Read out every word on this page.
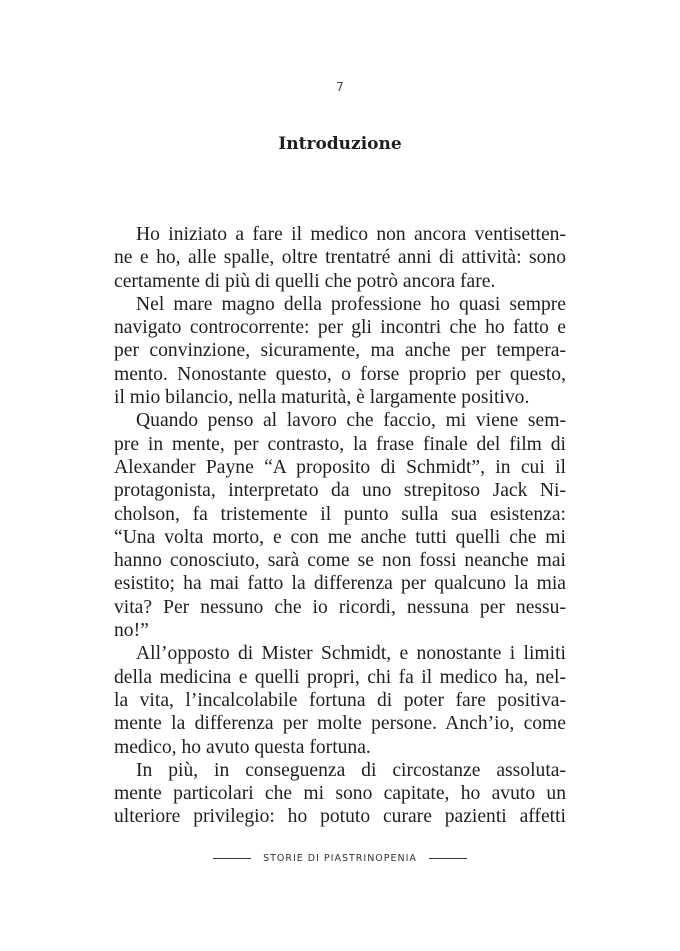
7
Introduzione
Ho iniziato a fare il medico non ancora ventisetten-
ne e ho, alle spalle, oltre trentatré anni di attività: sono
certamente di più di quelli che potrò ancora fare.
Nel mare magno della professione ho quasi sempre
navigato controcorrente: per gli incontri che ho fatto e
per convinzione, sicuramente, ma anche per tempera-
mento. Nonostante questo, o forse proprio per questo,
il mio bilancio, nella maturità, è largamente positivo.
Quando penso al lavoro che faccio, mi viene sem-
pre in mente, per contrasto, la frase finale del film di
Alexander Payne “A proposito di Schmidt”, in cui il
protagonista, interpretato da uno strepitoso Jack Ni-
cholson, fa tristemente il punto sulla sua esistenza:
“Una volta morto, e con me anche tutti quelli che mi
hanno conosciuto, sarà come se non fossi neanche mai
esistito; ha mai fatto la differenza per qualcuno la mia
vita? Per nessuno che io ricordi, nessuna per nessu-
no!”
All’opposto di Mister Schmidt, e nonostante i limiti
della medicina e quelli propri, chi fa il medico ha, nel-
la vita, l’incalcolabile fortuna di poter fare positiva-
mente la differenza per molte persone. Anch’io, come
medico, ho avuto questa fortuna.
In più, in conseguenza di circostanze assoluta-
mente particolari che mi sono capitate, ho avuto un
ulteriore privilegio: ho potuto curare pazienti affetti
STORIE DI PIASTRINOPENIA
